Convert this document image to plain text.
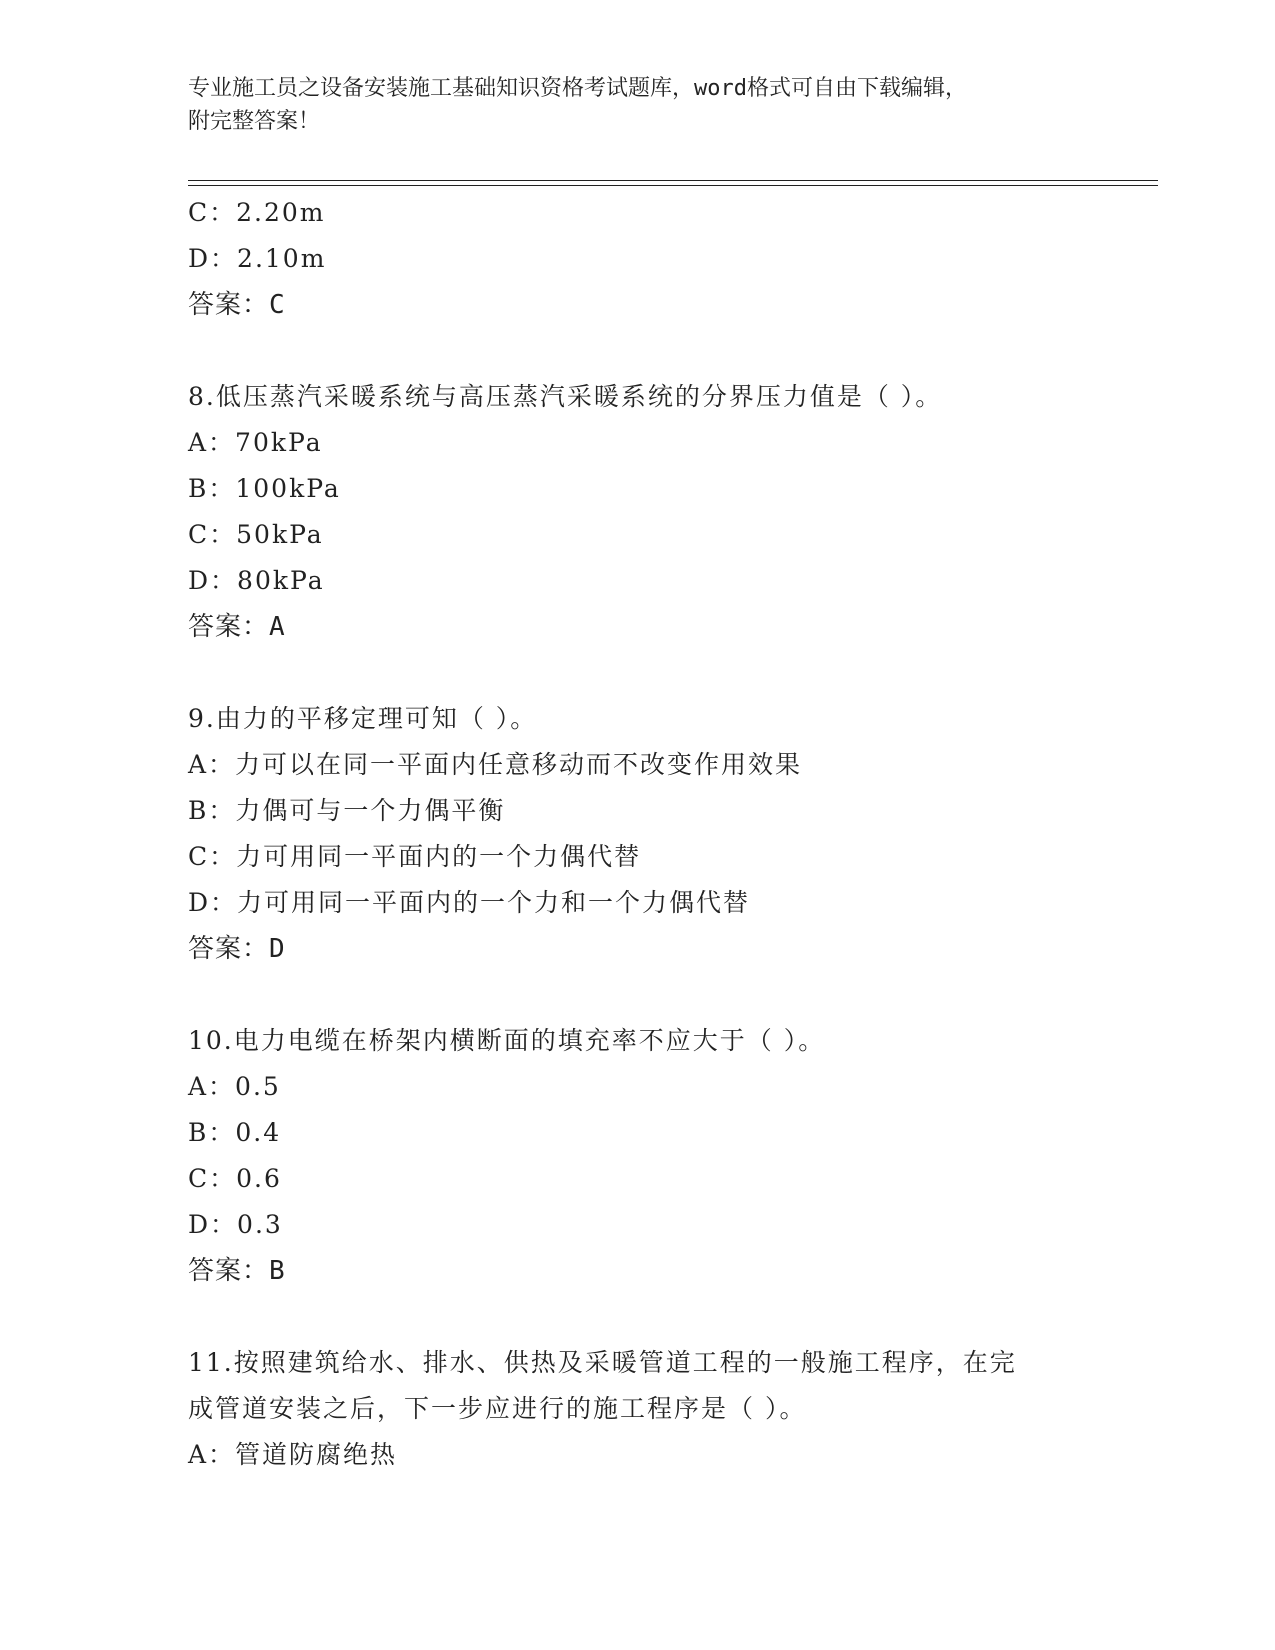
专业施工员之设备安装施工基础知识资格考试题库，word格式可自由下载编辑，
附完整答案！
C：2.20m
D：2.10m
答案：C
8.低压蒸汽采暖系统与高压蒸汽采暖系统的分界压力值是（ ）。
A：70kPa
B：100kPa
C：50kPa
D：80kPa
答案：A
9.由力的平移定理可知（ ）。
A：力可以在同一平面内任意移动而不改变作用效果
B：力偶可与一个力偶平衡
C：力可用同一平面内的一个力偶代替
D：力可用同一平面内的一个力和一个力偶代替
答案：D
10.电力电缆在桥架内横断面的填充率不应大于（ ）。
A：0.5
B：0.4
C：0.6
D：0.3
答案：B
11.按照建筑给水、排水、供热及采暖管道工程的一般施工程序，在完
成管道安装之后，下一步应进行的施工程序是（ ）。
A：管道防腐绝热
